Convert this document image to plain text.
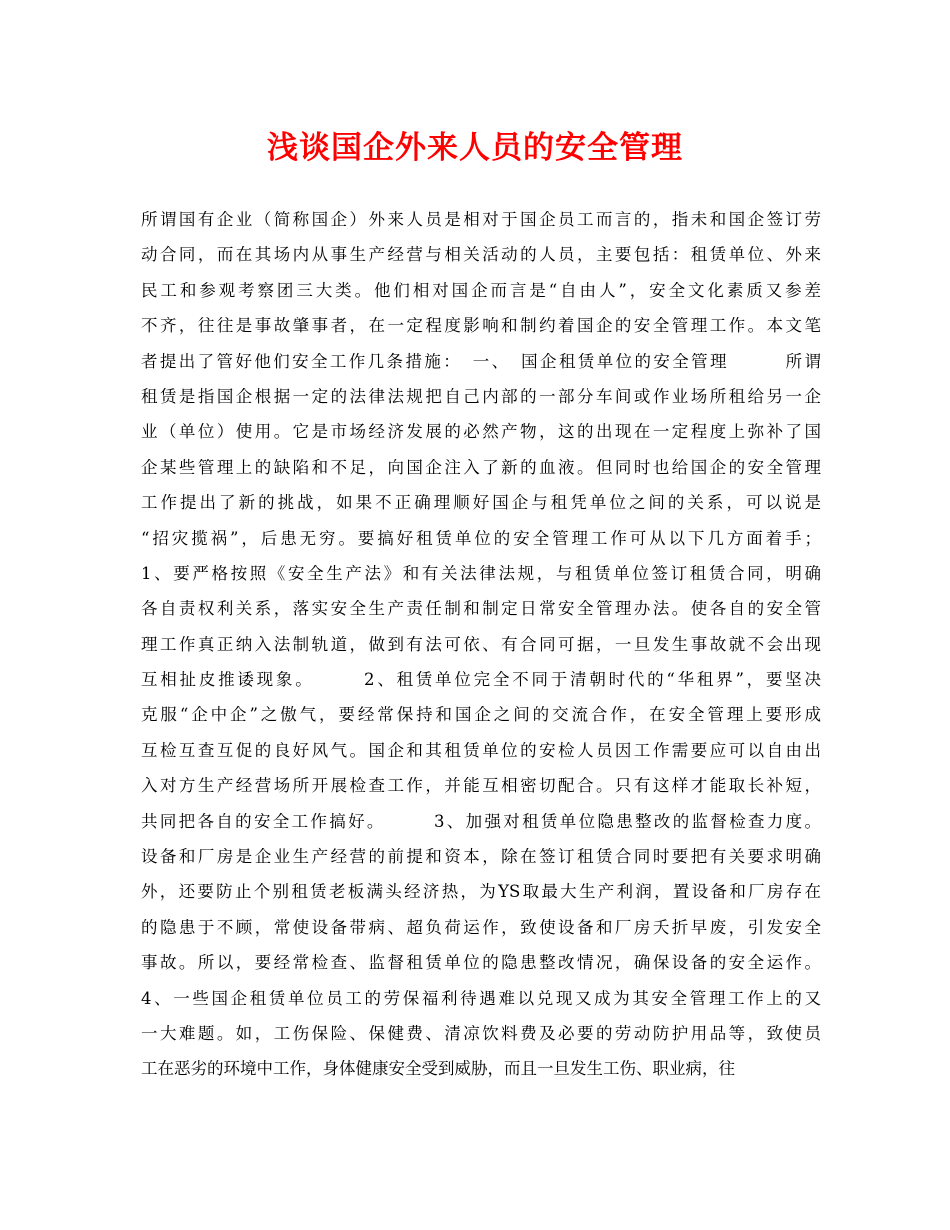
浅谈国企外来人员的安全管理
所谓国有企业（简称国企）外来人员是相对于国企员工而言的，指未和国企签订劳
动合同，而在其场内从事生产经营与相关活动的人员，主要包括：租赁单位、外来
民工和参观考察团三大类。他们相对国企而言是“自由人”，安全文化素质又参差
不齐，往往是事故肇事者，在一定程度影响和制约着国企的安全管理工作。本文笔
者提出了管好他们安全工作几条措施：　一、　国企租赁单位的安全管理　　　所谓
租赁是指国企根据一定的法律法规把自己内部的一部分车间或作业场所租给另一企
业（单位）使用。它是市场经济发展的必然产物，这的出现在一定程度上弥补了国
企某些管理上的缺陷和不足，向国企注入了新的血液。但同时也给国企的安全管理
工作提出了新的挑战，如果不正确理顺好国企与租凭单位之间的关系，可以说是
“招灾揽祸”，后患无穷。要搞好租赁单位的安全管理工作可从以下几方面着手；
1、要严格按照《安全生产法》和有关法律法规，与租赁单位签订租赁合同，明确
各自责权利关系，落实安全生产责任制和制定日常安全管理办法。使各自的安全管
理工作真正纳入法制轨道，做到有法可依、有合同可据，一旦发生事故就不会出现
互相扯皮推诿现象。　　　2、租赁单位完全不同于清朝时代的“华租界”，要坚决
克服“企中企”之傲气，要经常保持和国企之间的交流合作，在安全管理上要形成
互检互查互促的良好风气。国企和其租赁单位的安检人员因工作需要应可以自由出
入对方生产经营场所开展检查工作，并能互相密切配合。只有这样才能取长补短，
共同把各自的安全工作搞好。　　　3、加强对租赁单位隐患整改的监督检查力度。
设备和厂房是企业生产经营的前提和资本，除在签订租赁合同时要把有关要求明确
外，还要防止个别租赁老板满头经济热，为YS取最大生产利润，置设备和厂房存在
的隐患于不顾，常使设备带病、超负荷运作，致使设备和厂房夭折早废，引发安全
事故。所以，要经常检查、监督租赁单位的隐患整改情况，确保设备的安全运作。
4、一些国企租赁单位员工的劳保福利待遇难以兑现又成为其安全管理工作上的又
一大难题。如，工伤保险、保健费、清凉饮料费及必要的劳动防护用品等，致使员
工在恶劣的环境中工作，身体健康安全受到威胁，而且一旦发生工伤、职业病，往
